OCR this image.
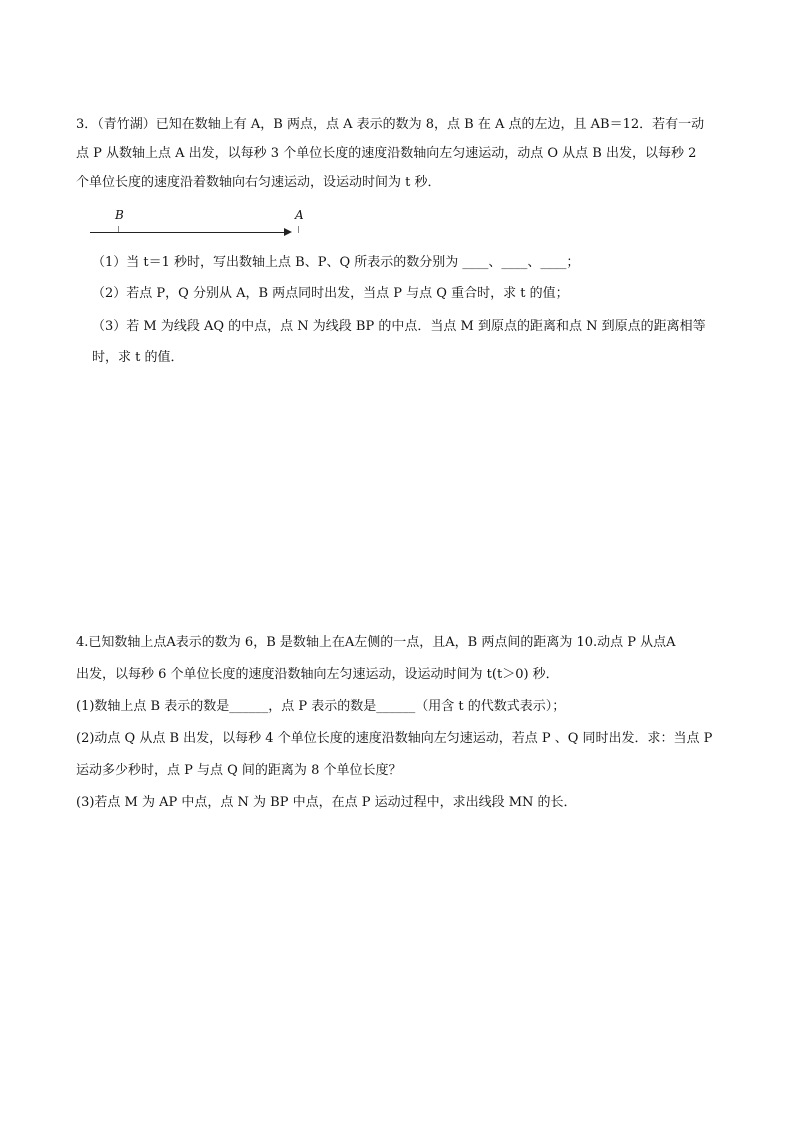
3．（青竹湖）已知在数轴上有 A，B 两点，点 A 表示的数为 8，点 B 在 A 点的左边，且 AB＝12．若有一动
点 P 从数轴上点 A 出发，以每秒 3 个单位长度的速度沿数轴向左匀速运动，动点 O 从点 B 出发，以每秒 2
个单位长度的速度沿着数轴向右匀速运动，设运动时间为 t 秒．
B	A
（1）当 t＝1 秒时，写出数轴上点 B、P、Q 所表示的数分别为 ____、____、____；
（2）若点 P，Q 分别从 A，B 两点同时出发，当点 P 与点 Q 重合时，求 t 的值；
（3）若 M 为线段 AQ 的中点，点 N 为线段 BP 的中点．当点 M 到原点的距离和点 N 到原点的距离相等
时，求 t 的值．
4.已知数轴上点A表示的数为 6，B 是数轴上在A左侧的一点，且A，B 两点间的距离为 10.动点 P 从点A
出发，以每秒 6 个单位长度的速度沿数轴向左匀速运动，设运动时间为 t(t＞0) 秒．
(1)数轴上点 B 表示的数是______，点 P 表示的数是______（用含 t 的代数式表示）；
(2)动点 Q 从点 B 出发，以每秒 4 个单位长度的速度沿数轴向左匀速运动，若点 P 、Q 同时出发．求：当点 P
运动多少秒时，点 P 与点 Q 间的距离为 8 个单位长度？
(3)若点 M 为 AP 中点，点 N 为 BP 中点，在点 P 运动过程中，求出线段 MN 的长．
